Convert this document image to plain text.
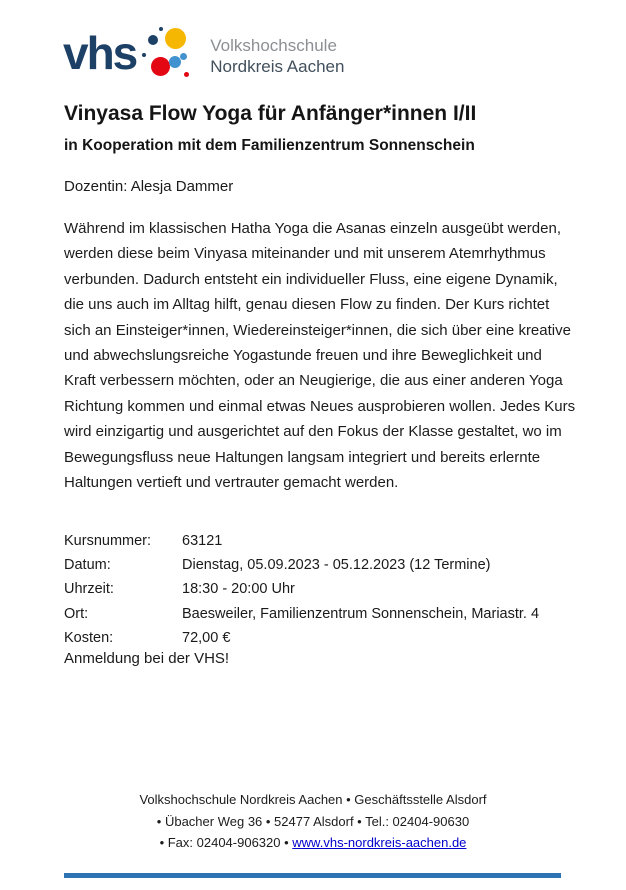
vhs	Volkshochschule
Nordkreis Aachen
Vinyasa Flow Yoga für Anfänger*innen I/II
in Kooperation mit dem Familienzentrum Sonnenschein

Dozentin: Alesja Dammer

Während im klassischen Hatha Yoga die Asanas einzeln ausgeübt werden, werden diese beim Vinyasa miteinander und mit unserem Atemrhythmus verbunden. Dadurch entsteht ein individueller Fluss, eine eigene Dynamik, die uns auch im Alltag hilft, genau diesen Flow zu finden. Der Kurs richtet sich an Einsteiger*innen, Wiedereinsteiger*innen, die sich über eine kreative und abwechslungsreiche Yogastunde freuen und ihre Beweglichkeit und Kraft verbessern möchten, oder an Neugierige, die aus einer anderen Yoga Richtung kommen und einmal etwas Neues ausprobieren wollen. Jedes Kurs wird einzigartig und ausgerichtet auf den Fokus der Klasse gestaltet, wo im Bewegungsfluss neue Haltungen langsam integriert und bereits erlernte Haltungen vertieft und vertrauter gemacht werden.

Kursnummer:	63121
Datum:	Dienstag, 05.09.2023 - 05.12.2023 (12 Termine)
Uhrzeit:	18:30 - 20:00 Uhr
Ort:	Baesweiler, Familienzentrum Sonnenschein, Mariastr. 4
Kosten:	72,00 €

Anmeldung bei der VHS!

Volkshochschule Nordkreis Aachen • Geschäftsstelle Alsdorf
• Übacher Weg 36 • 52477 Alsdorf • Tel.: 02404-90630
• Fax: 02404-906320 • www.vhs-nordkreis-aachen.de
